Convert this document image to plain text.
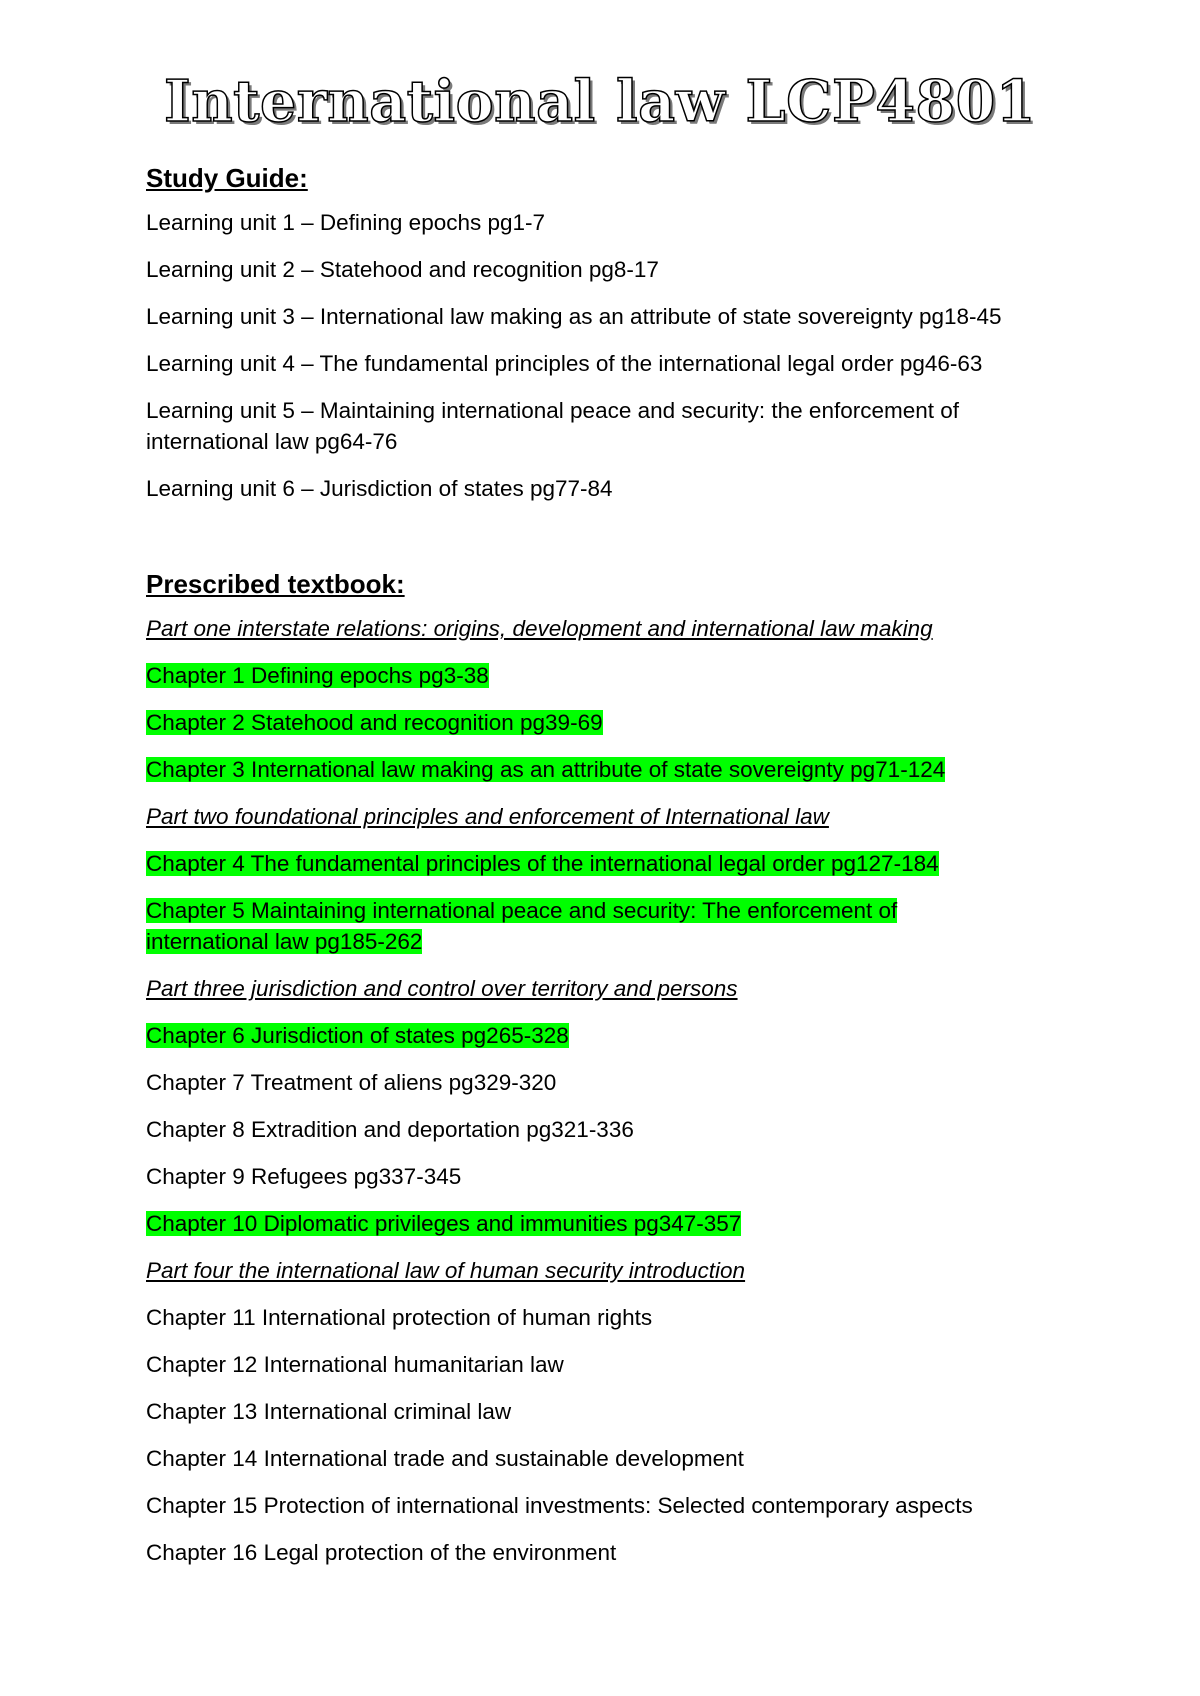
International law LCP4801
Study Guide:

Learning unit 1 – Defining epochs pg1-7

Learning unit 2 – Statehood and recognition pg8-17

Learning unit 3 – International law making as an attribute of state sovereignty pg18-45

Learning unit 4 – The fundamental principles of the international legal order pg46-63

Learning unit 5 – Maintaining international peace and security: the enforcement of international law pg64-76

Learning unit 6 – Jurisdiction of states pg77-84

Prescribed textbook:

Part one interstate relations: origins, development and international law making

Chapter 1 Defining epochs pg3-38

Chapter 2 Statehood and recognition pg39-69

Chapter 3 International law making as an attribute of state sovereignty pg71-124

Part two foundational principles and enforcement of International law

Chapter 4 The fundamental principles of the international legal order pg127-184

Chapter 5 Maintaining international peace and security: The enforcement of international law pg185-262

Part three jurisdiction and control over territory and persons

Chapter 6 Jurisdiction of states pg265-328

Chapter 7 Treatment of aliens pg329-320

Chapter 8 Extradition and deportation pg321-336

Chapter 9 Refugees pg337-345

Chapter 10 Diplomatic privileges and immunities pg347-357

Part four the international law of human security introduction

Chapter 11 International protection of human rights

Chapter 12 International humanitarian law

Chapter 13 International criminal law

Chapter 14 International trade and sustainable development

Chapter 15 Protection of international investments: Selected contemporary aspects

Chapter 16 Legal protection of the environment
